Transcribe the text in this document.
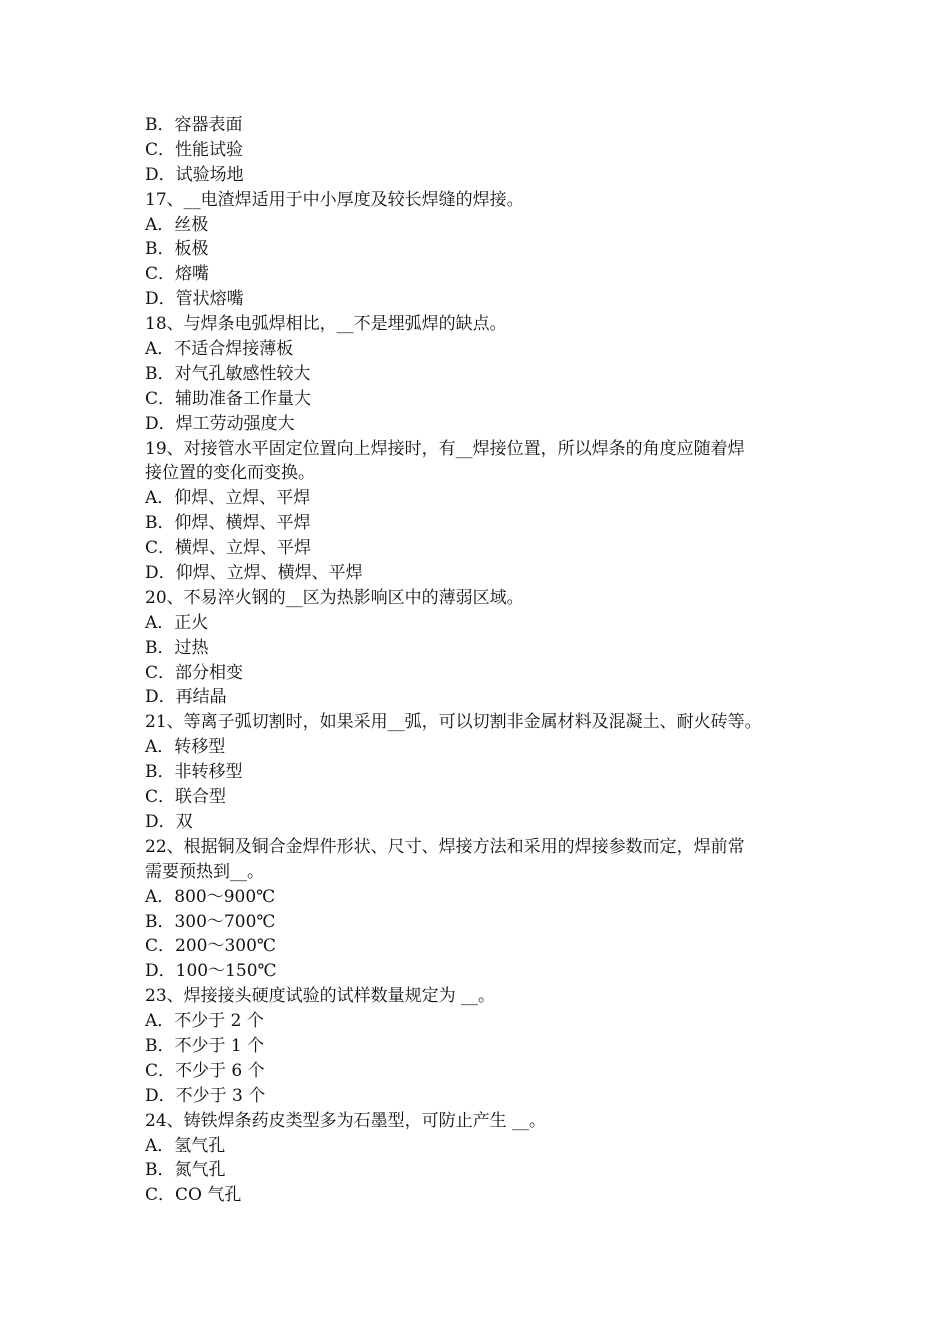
B．容器表面
C．性能试验
D．试验场地
17、__电渣焊适用于中小厚度及较长焊缝的焊接。
A．丝极
B．板极
C．熔嘴
D．管状熔嘴
18、与焊条电弧焊相比，__不是埋弧焊的缺点。
A．不适合焊接薄板
B．对气孔敏感性较大
C．辅助准备工作量大
D．焊工劳动强度大
19、对接管水平固定位置向上焊接时，有__焊接位置，所以焊条的角度应随着焊
接位置的变化而变换。
A．仰焊、立焊、平焊
B．仰焊、横焊、平焊
C．横焊、立焊、平焊
D．仰焊、立焊、横焊、平焊
20、不易淬火钢的__区为热影响区中的薄弱区域。
A．正火
B．过热
C．部分相变
D．再结晶
21、等离子弧切割时，如果采用__弧，可以切割非金属材料及混凝土、耐火砖等。
A．转移型
B．非转移型
C．联合型
D．双
22、根据铜及铜合金焊件形状、尺寸、焊接方法和采用的焊接参数而定，焊前常
需要预热到__。
A．800～900℃
B．300～700℃
C．200～300℃
D．100～150℃
23、焊接接头硬度试验的试样数量规定为 __。
A．不少于 2 个
B．不少于 1 个
C．不少于 6 个
D．不少于 3 个
24、铸铁焊条药皮类型多为石墨型，可防止产生 __。
A．氢气孔
B．氮气孔
C．CO 气孔
